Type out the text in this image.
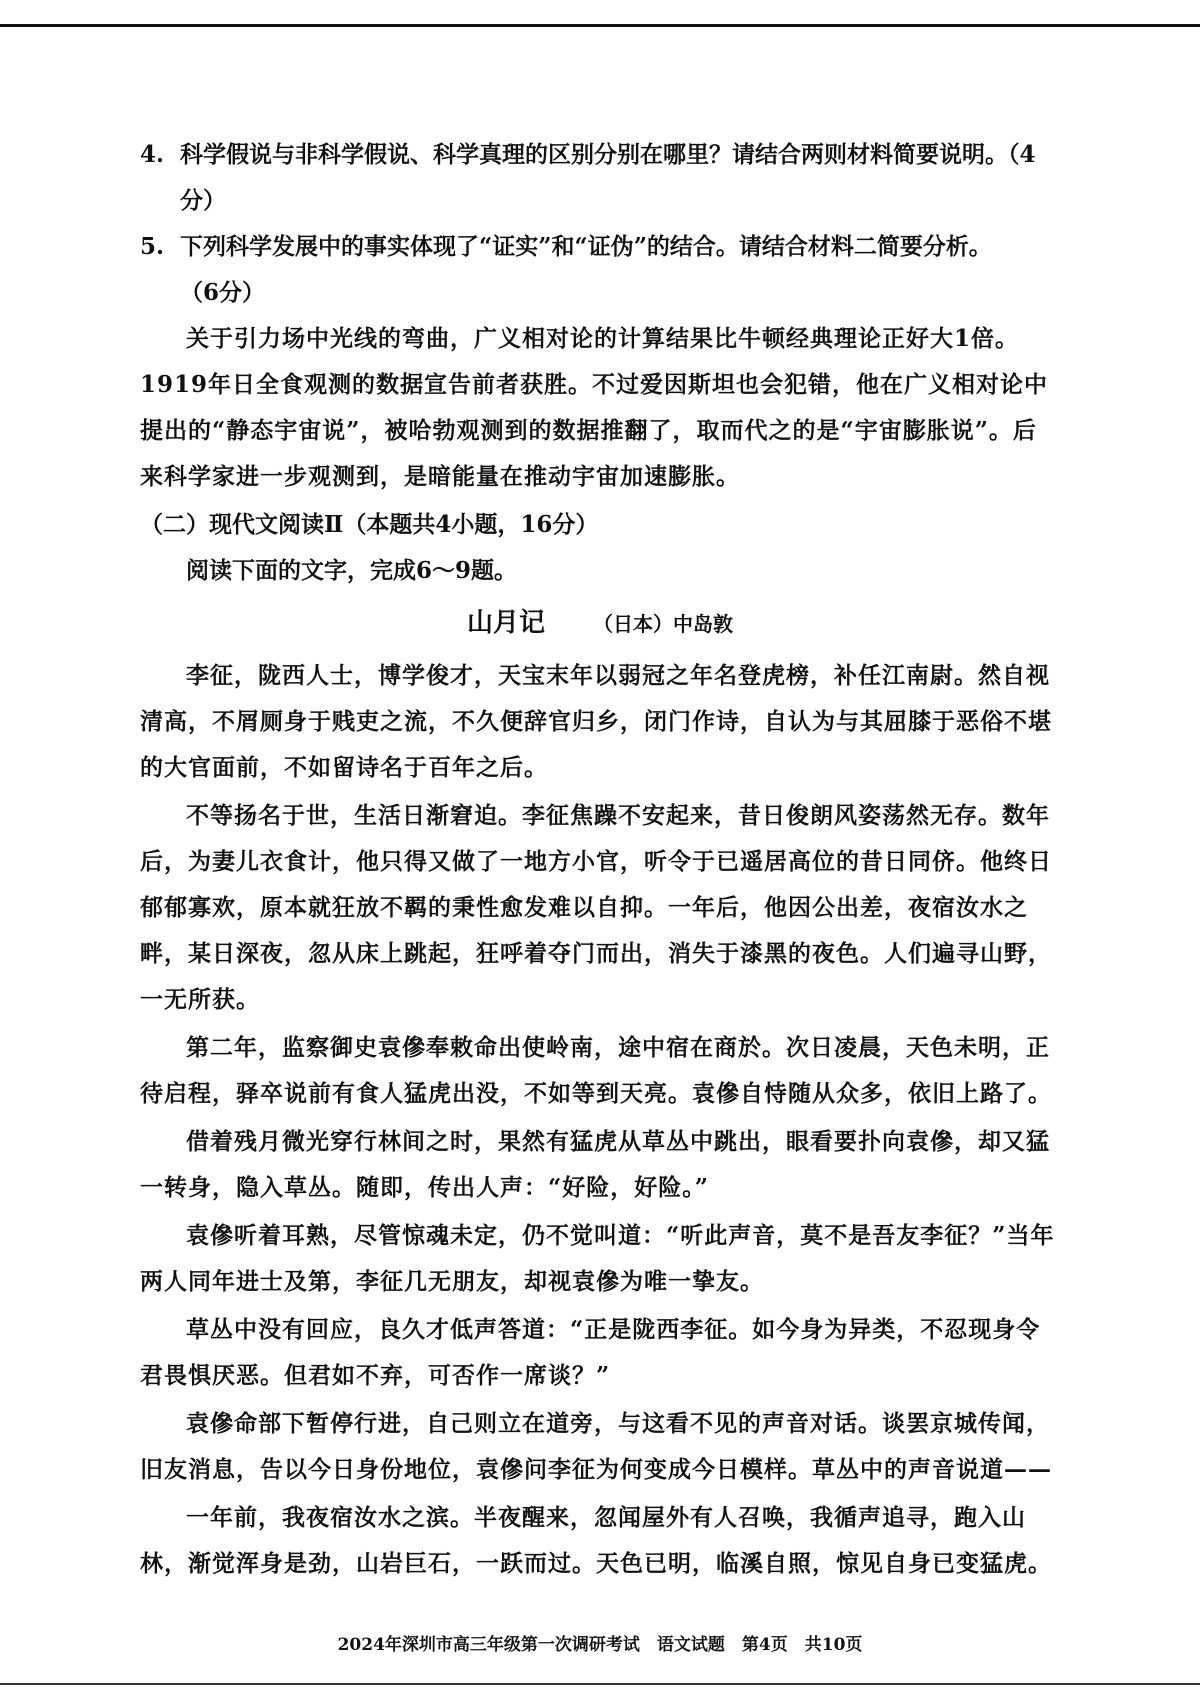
4. 科学假说与非科学假说、科学真理的区别分别在哪里？请结合两则材料简要说明。（4分）

5. 下列科学发展中的事实体现了“证实”和“证伪”的结合。请结合材料二简要分析。

（6分）

关于引力场中光线的弯曲，广义相对论的计算结果比牛顿经典理论正好大1倍。1919年日全食观测的数据宣告前者获胜。不过爱因斯坦也会犯错，他在广义相对论中提出的“静态宇宙说”，被哈勃观测到的数据推翻了，取而代之的是“宇宙膨胀说”。后来科学家进一步观测到，是暗能量在推动宇宙加速膨胀。

（二）现代文阅读Ⅱ（本题共4小题，16分）

阅读下面的文字，完成6～9题。

山月记 （日本）中岛敦

李征，陇西人士，博学俊才，天宝末年以弱冠之年名登虎榜，补任江南尉。然自视清高，不屑厕身于贱吏之流，不久便辞官归乡，闭门作诗，自认为与其屈膝于恶俗不堪的大官面前，不如留诗名于百年之后。

不等扬名于世，生活日渐窘迫。李征焦躁不安起来，昔日俊朗风姿荡然无存。数年后，为妻儿衣食计，他只得又做了一地方小官，听令于已遥居高位的昔日同侪。他终日郁郁寡欢，原本就狂放不羁的秉性愈发难以自抑。一年后，他因公出差，夜宿汝水之畔，某日深夜，忽从床上跳起，狂呼着夺门而出，消失于漆黑的夜色。人们遍寻山野，一无所获。

第二年，监察御史袁傪奉敕命出使岭南，途中宿在商於。次日凌晨，天色未明，正待启程，驿卒说前有食人猛虎出没，不如等到天亮。袁傪自恃随从众多，依旧上路了。

借着残月微光穿行林间之时，果然有猛虎从草丛中跳出，眼看要扑向袁傪，却又猛一转身，隐入草丛。随即，传出人声：“好险，好险。”

袁傪听着耳熟，尽管惊魂未定，仍不觉叫道：“听此声音，莫不是吾友李征？”当年两人同年进士及第，李征几无朋友，却视袁傪为唯一挚友。

草丛中没有回应，良久才低声答道：“正是陇西李征。如今身为异类，不忍现身令君畏惧厌恶。但君如不弃，可否作一席谈？”

袁傪命部下暂停行进，自己则立在道旁，与这看不见的声音对话。谈罢京城传闻，旧友消息，告以今日身份地位，袁傪问李征为何变成今日模样。草丛中的声音说道——

一年前，我夜宿汝水之滨。半夜醒来，忽闻屋外有人召唤，我循声追寻，跑入山林，渐觉浑身是劲，山岩巨石，一跃而过。天色已明，临溪自照，惊见自身已变猛虎。

2024年深圳市高三年级第一次调研考试　语文试题　第4页　共10页
